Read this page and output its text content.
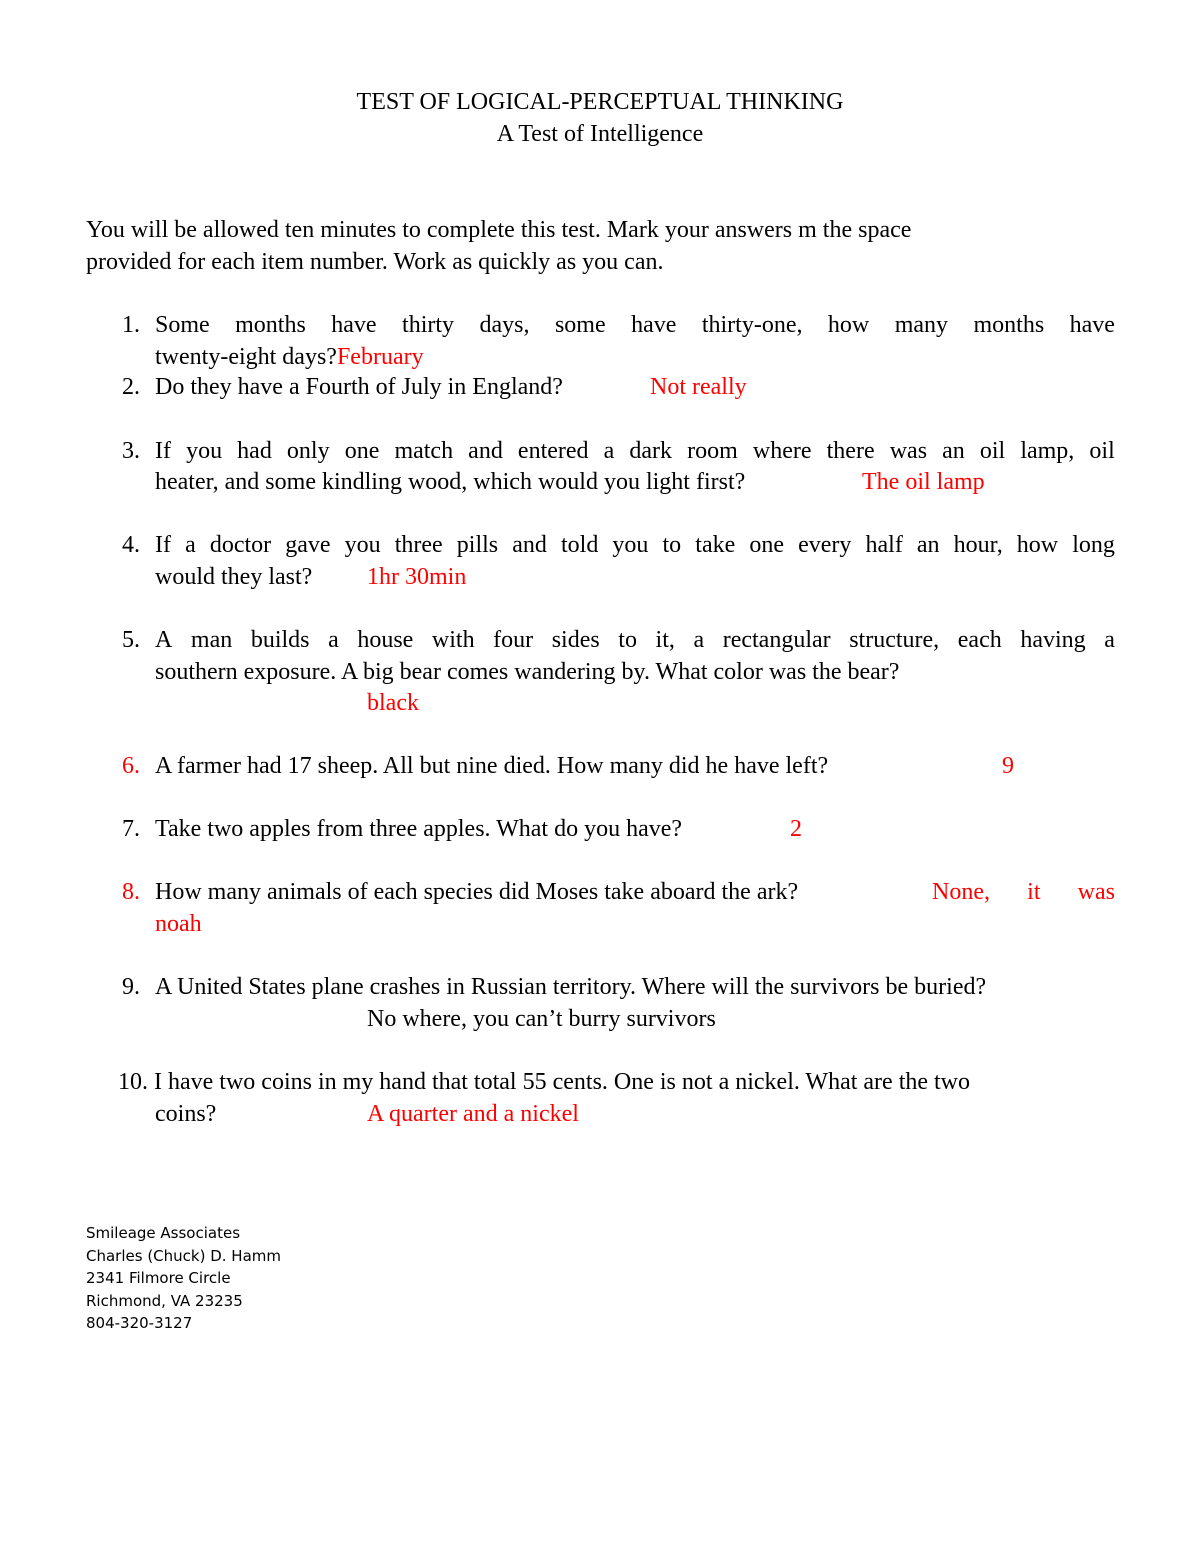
TEST OF LOGICAL-PERCEPTUAL THINKING
A Test of Intelligence
You will be allowed ten minutes to complete this test. Mark your answers m the space
provided for each item number. Work as quickly as you can.
1. Some months have thirty days, some have thirty-one, how many months have
twenty-eight days?February
2. Do they have a Fourth of July in England?	Not really
3. If you had only one match and entered a dark room where there was an oil lamp, oil
heater, and some kindling wood, which would you light first?	The oil lamp
4. If a doctor gave you three pills and told you to take one every half an hour, how long
would they last? 1hr 30min
5. A man builds a house with four sides to it, a rectangular structure, each having a
southern exposure. A big bear comes wandering by. What color was the bear?
black
6. A farmer had 17 sheep. All but nine died. How many did he have left?	9
7. Take two apples from three apples. What do you have?	2
8. How many animals of each species did Moses take aboard the ark?	None, it was
noah
9. A United States plane crashes in Russian territory. Where will the survivors be buried?
No where, you can’t burry survivors
10. I have two coins in my hand that total 55 cents. One is not a nickel. What are the two
coins?	A quarter and a nickel
Smileage Associates
Charles (Chuck) D. Hamm
2341 Filmore Circle
Richmond, VA 23235
804-320-3127
